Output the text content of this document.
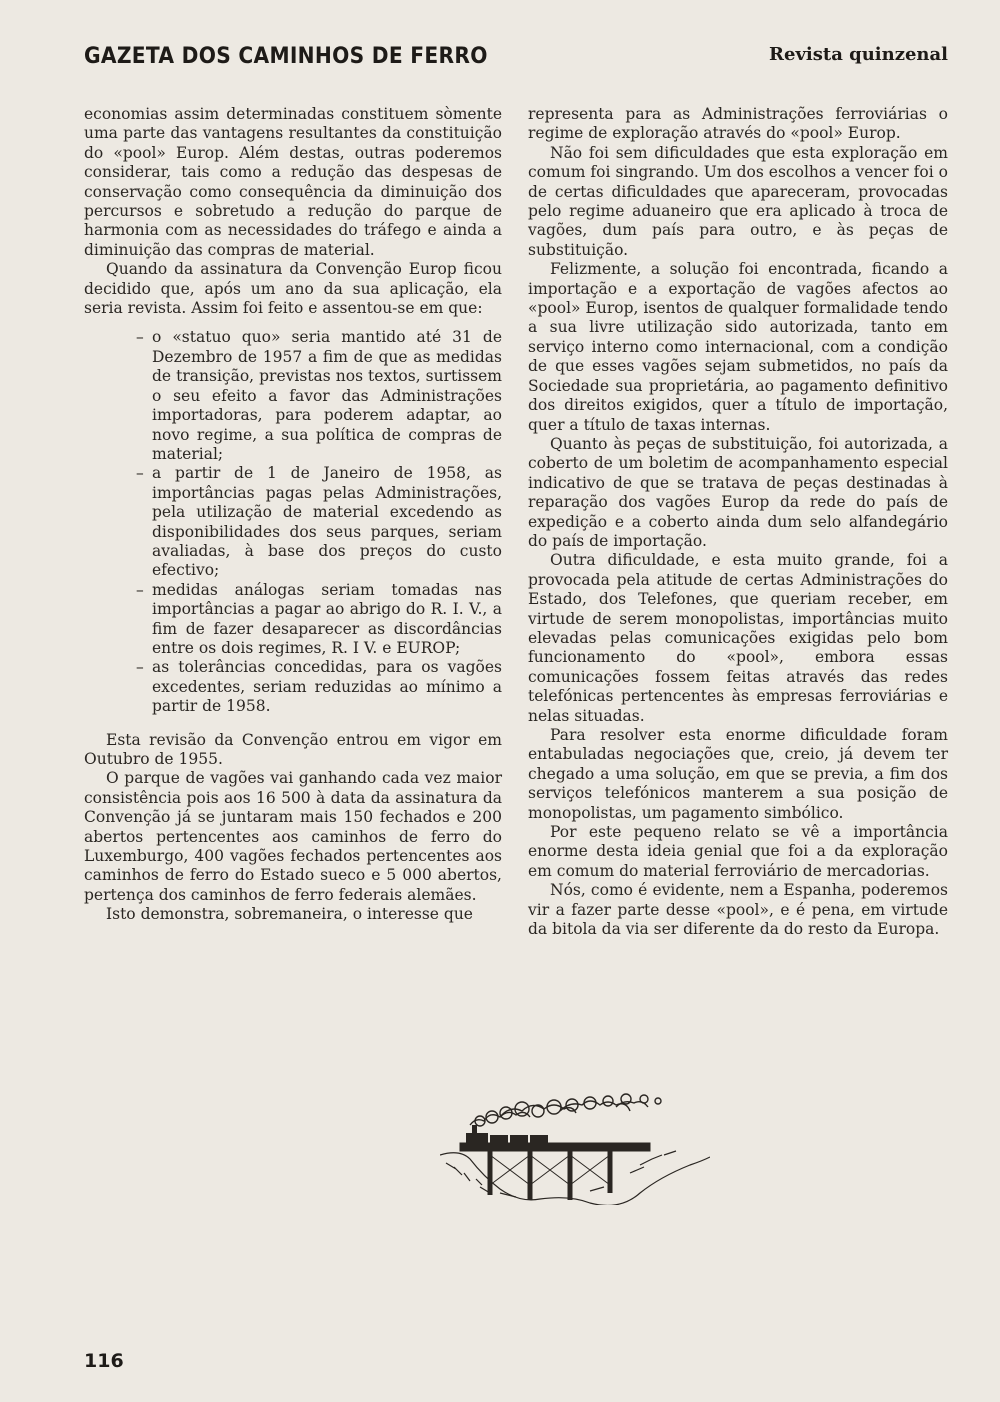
GAZETA DOS CAMINHOS DE FERRO	Revista quinzenal

economias assim determinadas constituem sòmente uma parte das vantagens resultantes da constituição do «pool» Europ. Além destas, outras poderemos considerar, tais como a redução das despesas de conservação como consequência da diminuição dos percursos e sobretudo a redução do parque de harmonia com as necessidades do tráfego e ainda a diminuição das compras de material.

Quando da assinatura da Convenção Europ ficou decidido que, após um ano da sua aplicação, ela seria revista. Assim foi feito e assentou-se em que:

– o «statuo quo» seria mantido até 31 de Dezembro de 1957 a fim de que as medidas de transição, previstas nos textos, surtissem o seu efeito a favor das Administrações importadoras, para poderem adaptar, ao novo regime, a sua política de compras de material;
– a partir de 1 de Janeiro de 1958, as importâncias pagas pelas Administrações, pela utilização de material excedendo as disponibilidades dos seus parques, seriam avaliadas, à base dos preços do custo efectivo;
– medidas análogas seriam tomadas nas importâncias a pagar ao abrigo do R. I. V., a fim de fazer desaparecer as discordâncias entre os dois regimes, R. I V. e EUROP;
– as tolerâncias concedidas, para os vagões excedentes, seriam reduzidas ao mínimo a partir de 1958.

Esta revisão da Convenção entrou em vigor em Outubro de 1955.

O parque de vagões vai ganhando cada vez maior consistência pois aos 16 500 à data da assinatura da Convenção já se juntaram mais 150 fechados e 200 abertos pertencentes aos caminhos de ferro do Luxemburgo, 400 vagões fechados pertencentes aos caminhos de ferro do Estado sueco e 5 000 abertos, pertença dos caminhos de ferro federais alemães.

Isto demonstra, sobremaneira, o interesse que

representa para as Administrações ferroviárias o regime de exploração através do «pool» Europ.

Não foi sem dificuldades que esta exploração em comum foi singrando. Um dos escolhos a vencer foi o de certas dificuldades que apareceram, provocadas pelo regime aduaneiro que era aplicado à troca de vagões, dum país para outro, e às peças de substituição.

Felizmente, a solução foi encontrada, ficando a importação e a exportação de vagões afectos ao «pool» Europ, isentos de qualquer formalidade tendo a sua livre utilização sido autorizada, tanto em serviço interno como internacional, com a condição de que esses vagões sejam submetidos, no país da Sociedade sua proprietária, ao pagamento definitivo dos direitos exigidos, quer a título de importação, quer a título de taxas internas.

Quanto às peças de substituição, foi autorizada, a coberto de um boletim de acompanhamento especial indicativo de que se tratava de peças destinadas à reparação dos vagões Europ da rede do país de expedição e a coberto ainda dum selo alfandegário do país de importação.

Outra dificuldade, e esta muito grande, foi a provocada pela atitude de certas Administrações do Estado, dos Telefones, que queriam receber, em virtude de serem monopolistas, importâncias muito elevadas pelas comunicações exigidas pelo bom funcionamento do «pool», embora essas comunicações fossem feitas através das redes telefónicas pertencentes às empresas ferroviárias e nelas situadas.

Para resolver esta enorme dificuldade foram entabuladas negociações que, creio, já devem ter chegado a uma solução, em que se previa, a fim dos serviços telefónicos manterem a sua posição de monopolistas, um pagamento simbólico.

Por este pequeno relato se vê a importância enorme desta ideia genial que foi a da exploração em comum do material ferroviário de mercadorias.

Nós, como é evidente, nem a Espanha, poderemos vir a fazer parte desse «pool», e é pena, em virtude da bitola da via ser diferente da do resto da Europa.

116
